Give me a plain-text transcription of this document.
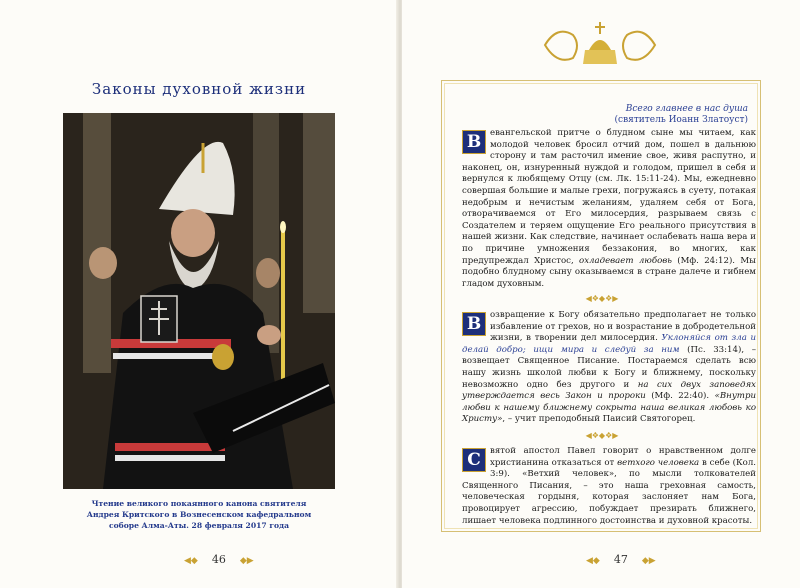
Законы духовной жизни
Чтение великого покаянного канона святителя Андрея Критского в Вознесенском кафедральном соборе Алма-Аты. 28 февраля 2017 года
◀◆ 46 ◆▶
Всего главнее в нас душа
(святитель Иоанн Златоуст)

В	евангельской притче о блудном сыне мы читаем, как молодой человек бросил отчий дом, пошел в дальнюю сторону и там расточил имение свое, живя распутно, и наконец, он, изнуренный нуждой и голодом, пришел в себя и вернулся к любящему Отцу (см. Лк. 15:11-24). Мы, ежедневно совершая большие и малые грехи, погружаясь в суету, потакая недобрым и нечистым желаниям, удаляем себя от Бога, отворачиваемся от Его милосердия, разрываем связь с Создателем и теряем ощущение Его реального присутствия в нашей жизни. Как следствие, начинает ослабевать наша вера и по причине умножения беззакония, во многих, как предупреждал Христос, охладевает любовь (Мф. 24:12). Мы подобно блудному сыну оказываемся в стране далече и гибнем гладом духовным.

◀❖◆❖▶

В	озвращение к Богу обязательно предполагает не только избавление от грехов, но и возрастание в добродетельной жизни, в творении дел милосердия. Уклоняйся от зла и делай добро; ищи мира и следуй за ним (Пс. 33:14), – возвещает Священное Писание. Постараемся сделать всю нашу жизнь школой любви к Богу и ближнему, поскольку невозможно одно без другого и на сих двух заповедях утверждается весь Закон и пророки (Мф. 22:40). «Внутри любви к нашему ближнему сокрыта наша великая любовь ко Христу», – учит преподобный Паисий Святогорец.

◀❖◆❖▶

С	вятой апостол Павел говорит о нравственном долге христианина отказаться от ветхого человека в себе (Кол. 3:9). «Ветхий человек», по мысли толкователей Священного Писания, – это наша греховная самость, человеческая гордыня, которая заслоняет нам Бога, провоцирует агрессию, побуждает презирать ближнего, лишает человека подлинного достоинства и духовной красоты.

◀◆ 47 ◆▶
